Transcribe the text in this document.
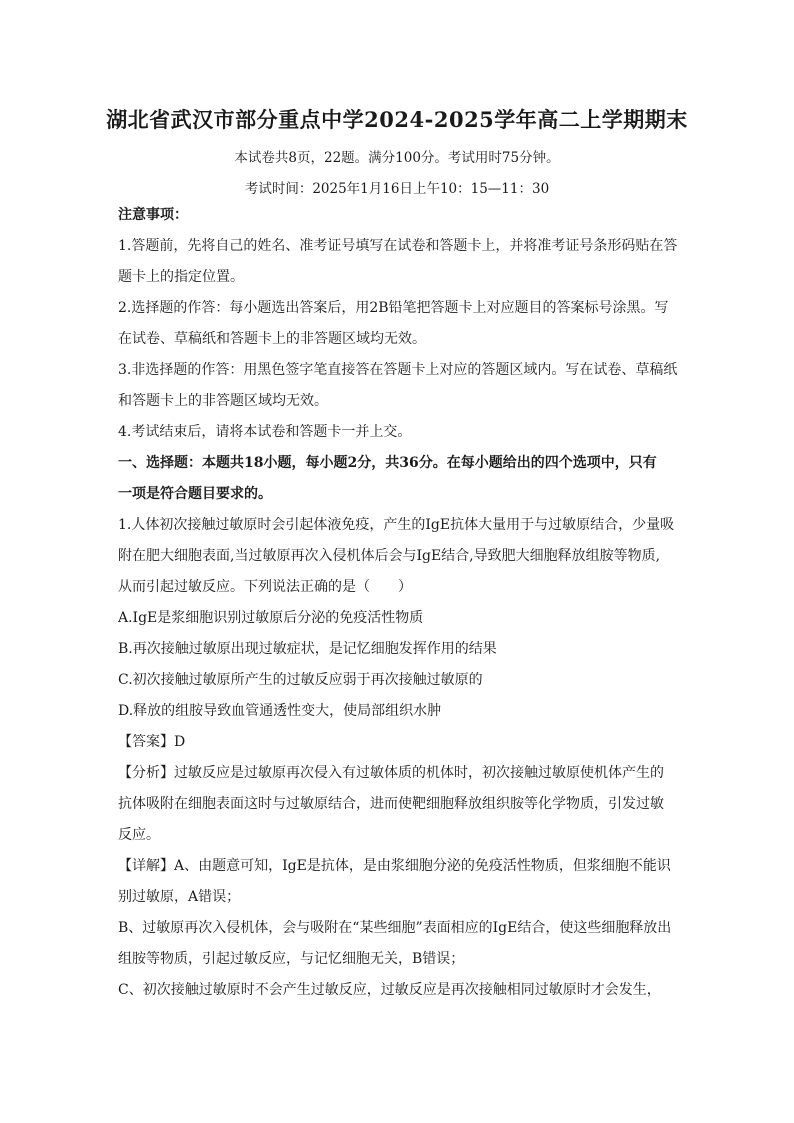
湖北省武汉市部分重点中学2024-2025学年高二上学期期末
本试卷共8页，22题。满分100分。考试用时75分钟。
考试时间：2025年1月16日上午10：15—11：30
注意事项：
1.答题前，先将自己的姓名、准考证号填写在试卷和答题卡上，并将准考证号条形码贴在答
题卡上的指定位置。
2.选择题的作答：每小题选出答案后，用2B铅笔把答题卡上对应题目的答案标号涂黑。写
在试卷、草稿纸和答题卡上的非答题区域均无效。
3.非选择题的作答：用黑色签字笔直接答在答题卡上对应的答题区域内。写在试卷、草稿纸
和答题卡上的非答题区域均无效。
4.考试结束后，请将本试卷和答题卡一并上交。
一、选择题：本题共18小题，每小题2分，共36分。在每小题给出的四个选项中，只有
一项是符合题目要求的。
1.人体初次接触过敏原时会引起体液免疫，产生的IgE抗体大量用于与过敏原结合，少量吸
附在肥大细胞表面,当过敏原再次入侵机体后会与IgE结合,导致肥大细胞释放组胺等物质,
从而引起过敏反应。下列说法正确的是（　　）
A.IgE是浆细胞识别过敏原后分泌的免疫活性物质
B.再次接触过敏原出现过敏症状，是记忆细胞发挥作用的结果
C.初次接触过敏原所产生的过敏反应弱于再次接触过敏原的
D.释放的组胺导致血管通透性变大，使局部组织水肿
【答案】D
【分析】过敏反应是过敏原再次侵入有过敏体质的机体时，初次接触过敏原使机体产生的
抗体吸附在细胞表面这时与过敏原结合，进而使靶细胞释放组织胺等化学物质，引发过敏
反应。
【详解】A、由题意可知，IgE是抗体，是由浆细胞分泌的免疫活性物质，但浆细胞不能识
别过敏原，A错误；
B、过敏原再次入侵机体，会与吸附在“某些细胞”表面相应的IgE结合，使这些细胞释放出
组胺等物质，引起过敏反应，与记忆细胞无关，B错误；
C、初次接触过敏原时不会产生过敏反应，过敏反应是再次接触相同过敏原时才会发生，
